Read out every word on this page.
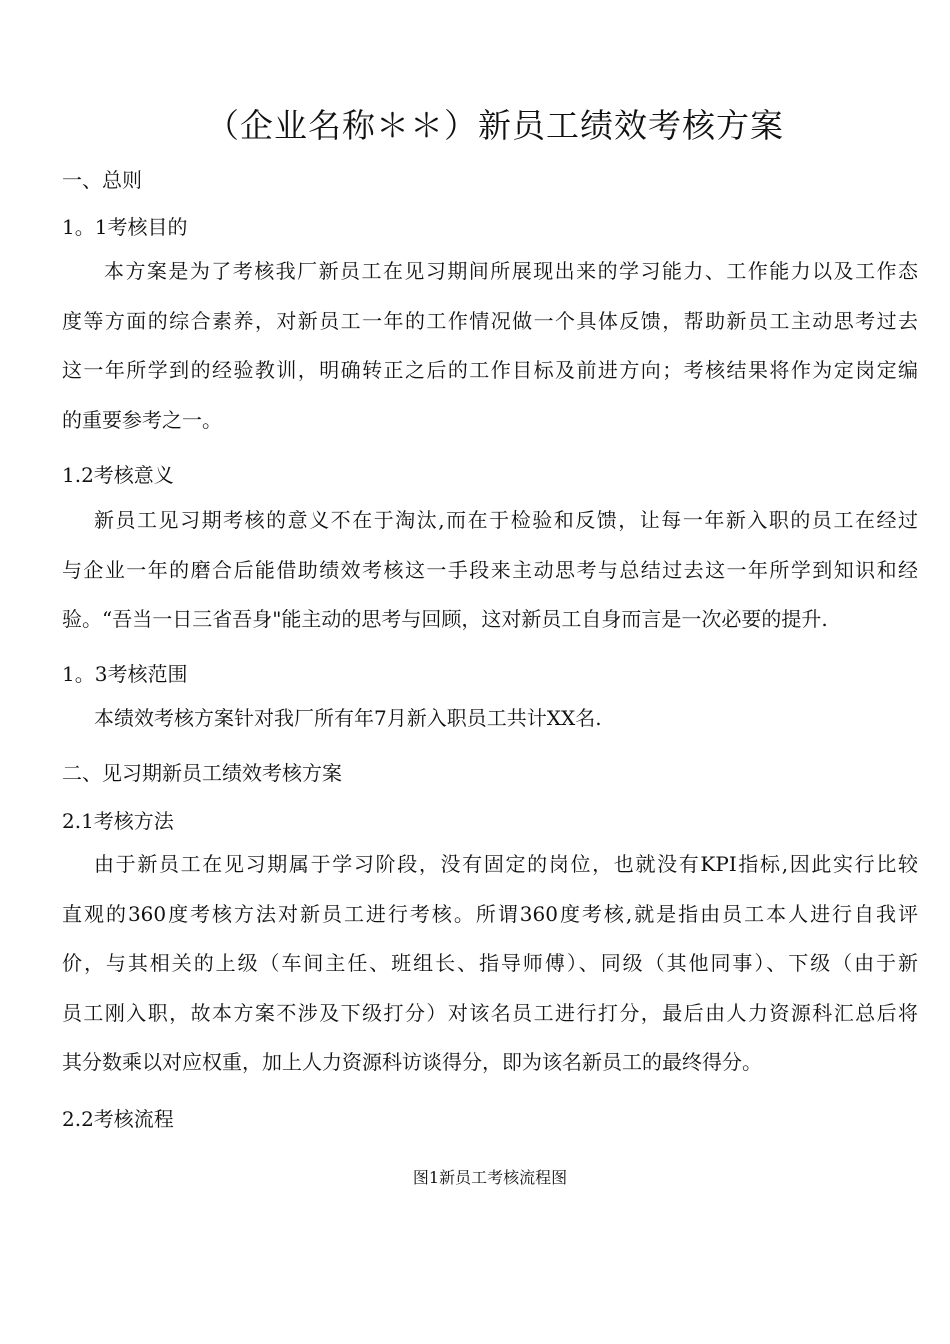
（企业名称＊＊）新员工绩效考核方案
一、总则
1。1考核目的
本方案是为了考核我厂新员工在见习期间所展现出来的学习能力、工作能力以及工作态
度等方面的综合素养，对新员工一年的工作情况做一个具体反馈，帮助新员工主动思考过去
这一年所学到的经验教训，明确转正之后的工作目标及前进方向；考核结果将作为定岗定编
的重要参考之一。
1.2考核意义
新员工见习期考核的意义不在于淘汰,而在于检验和反馈，让每一年新入职的员工在经过
与企业一年的磨合后能借助绩效考核这一手段来主动思考与总结过去这一年所学到知识和经
验。“吾当一日三省吾身"能主动的思考与回顾，这对新员工自身而言是一次必要的提升.
1。3考核范围
本绩效考核方案针对我厂所有年7月新入职员工共计XX名.
二、见习期新员工绩效考核方案
2.1考核方法
由于新员工在见习期属于学习阶段，没有固定的岗位，也就没有KPI指标,因此实行比较
直观的360度考核方法对新员工进行考核。所谓360度考核,就是指由员工本人进行自我评
价，与其相关的上级（车间主任、班组长、指导师傅）、同级（其他同事）、下级（由于新
员工刚入职，故本方案不涉及下级打分）对该名员工进行打分，最后由人力资源科汇总后将
其分数乘以对应权重，加上人力资源科访谈得分，即为该名新员工的最终得分。
2.2考核流程
图1新员工考核流程图
